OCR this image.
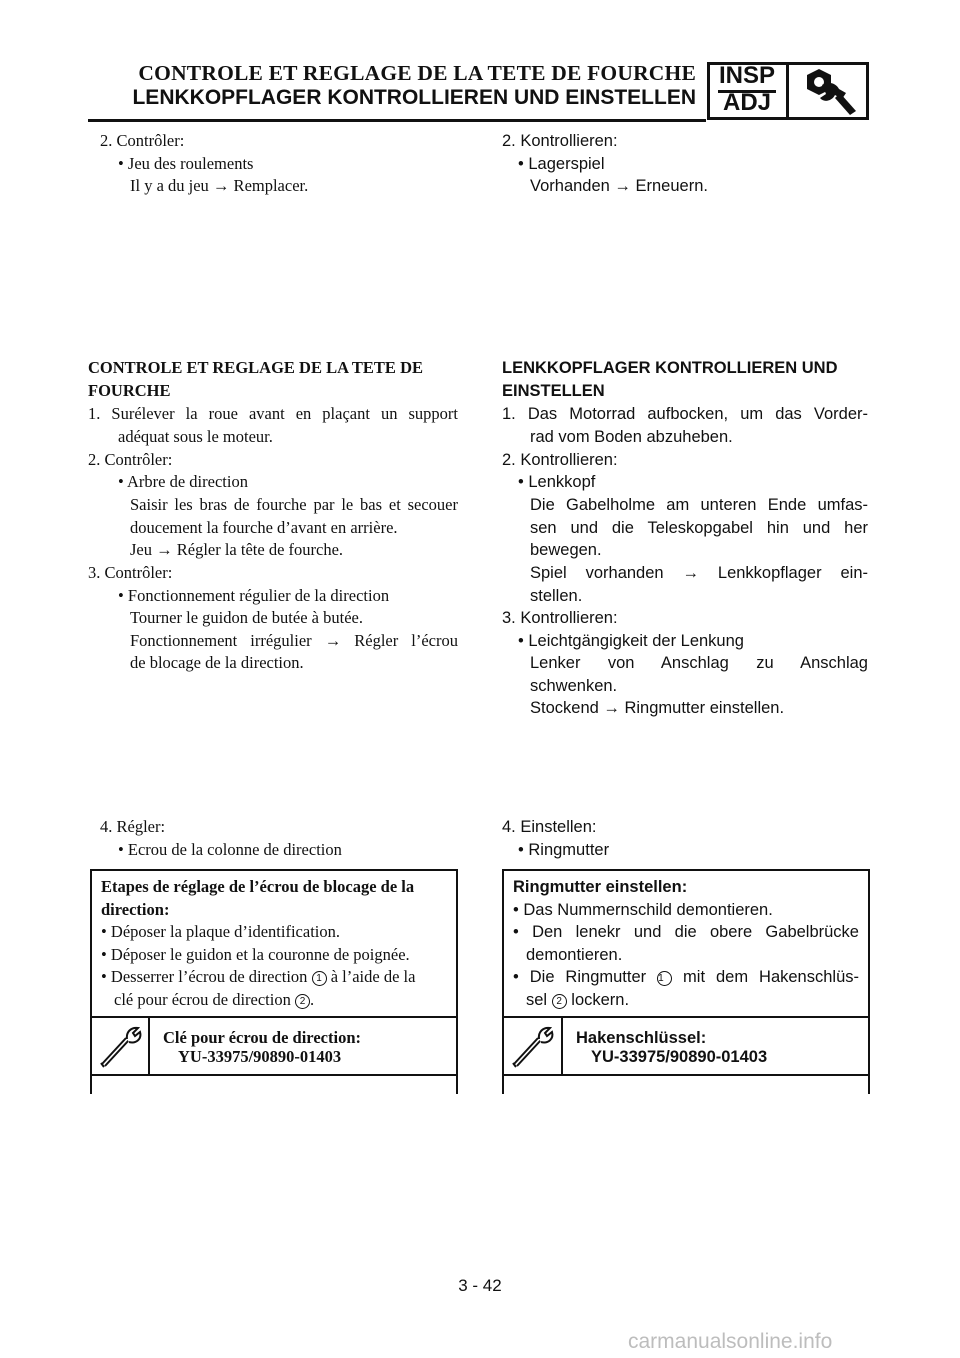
CONTROLE ET REGLAGE DE LA TETE DE FOURCHE
LENKKOPFLAGER KONTROLLIEREN UND EINSTELLEN
INSP
ADJ
2. Contrôler:
• Jeu des roulements
Il y a du jeu → Remplacer.
2. Kontrollieren:
• Lagerspiel
Vorhanden → Erneuern.
CONTROLE ET REGLAGE DE LA TETE DE
FOURCHE
1. Surélever la roue avant en plaçant un support
adéquat sous le moteur.
2. Contrôler:
• Arbre de direction
Saisir les bras de fourche par le bas et secouer
doucement la fourche d’avant en arrière.
Jeu → Régler la tête de fourche.
3. Contrôler:
• Fonctionnement régulier de la direction
Tourner le guidon de butée à butée.
Fonctionnement irrégulier → Régler l’écrou
de blocage de la direction.
LENKKOPFLAGER KONTROLLIEREN UND
EINSTELLEN
1. Das Motorrad aufbocken, um das Vorder-
rad vom Boden abzuheben.
2. Kontrollieren:
• Lenkkopf
Die Gabelholme am unteren Ende umfas-
sen und die Teleskopgabel hin und her
bewegen.
Spiel vorhanden → Lenkkopflager ein-
stellen.
3. Kontrollieren:
• Leichtgängigkeit der Lenkung
Lenker von Anschlag zu Anschlag
schwenken.
Stockend → Ringmutter einstellen.
4. Régler:
• Ecrou de la colonne de direction
Etapes de réglage de l’écrou de blocage de la
direction:
• Déposer la plaque d’identification.
• Déposer le guidon et la couronne de poignée.
• Desserrer l’écrou de direction 1 à l’aide de la
clé pour écrou de direction 2 .
Clé pour écrou de direction:
YU-33975/90890-01403
4. Einstellen:
• Ringmutter
Ringmutter einstellen:
• Das Nummernschild demontieren.
• Den lenekr und die obere Gabelbrücke
demontieren.
• Die Ringmutter 1 mit dem Hakenschlüs-
sel 2 lockern.
Hakenschlüssel:
YU-33975/90890-01403
3 - 42
carmanualsonline.info
